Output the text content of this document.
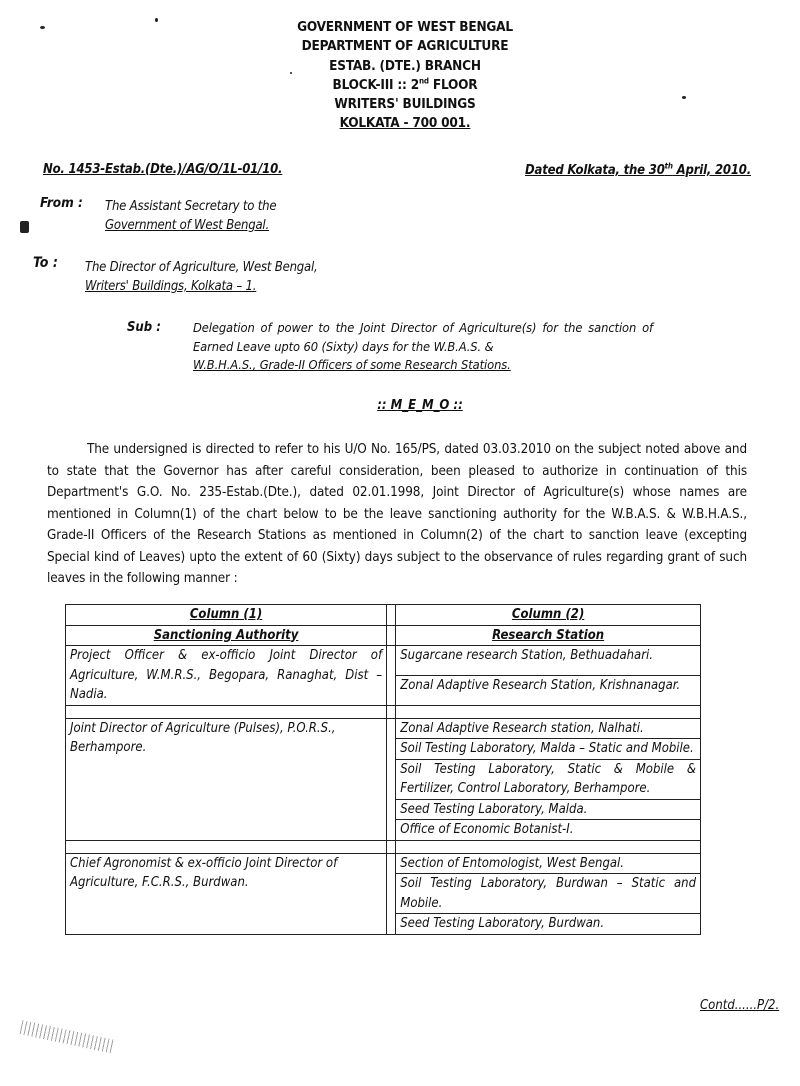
GOVERNMENT OF WEST BENGAL
DEPARTMENT OF AGRICULTURE
ESTAB. (DTE.) BRANCH
BLOCK-III :: 2nd FLOOR
WRITERS' BUILDINGS
KOLKATA - 700 001.
No. 1453-Estab.(Dte.)/AG/O/1L-01/10.	Dated Kolkata, the 30th April, 2010.
From : The Assistant Secretary to the
Government of West Bengal.
To : The Director of Agriculture, West Bengal,
Writers' Buildings, Kolkata – 1.
Sub :	Delegation of power to the Joint Director of Agriculture(s) for the sanction of Earned Leave upto 60 (Sixty) days for the W.B.A.S. &
W.B.H.A.S., Grade-II Officers of some Research Stations.
:: M_E_M_O ::
The undersigned is directed to refer to his U/O No. 165/PS, dated 03.03.2010 on the subject noted above and to state that the Governor has after careful consideration, been pleased to authorize in continuation of this Department's G.O. No. 235-Estab.(Dte.), dated 02.01.1998, Joint Director of Agriculture(s) whose names are mentioned in Column(1) of the chart below to be the leave sanctioning authority for the W.B.A.S. & W.B.H.A.S., Grade-II Officers of the Research Stations as mentioned in Column(2) of the chart to sanction leave (excepting Special kind of Leaves) upto the extent of 60 (Sixty) days subject to the observance of rules regarding grant of such leaves in the following manner :
Column (1)		Column (2)
Sanctioning Authority		Research Station
Project Officer & ex-officio Joint Director of Agriculture, W.M.R.S., Begopara, Ranaghat, Dist – Nadia.		Sugarcane research Station, Bethuadahari.
		Zonal Adaptive Research Station, Krishnanagar.

Joint Director of Agriculture (Pulses), P.O.R.S., Berhampore.		Zonal Adaptive Research station, Nalhati.
		Soil Testing Laboratory, Malda – Static and Mobile.
		Soil Testing Laboratory, Static & Mobile & Fertilizer, Control Laboratory, Berhampore.
		Seed Testing Laboratory, Malda.
		Office of Economic Botanist-I.

Chief Agronomist & ex-officio Joint Director of Agriculture, F.C.R.S., Burdwan.		Section of Entomologist, West Bengal.
		Soil Testing Laboratory, Burdwan – Static and Mobile.
		Seed Testing Laboratory, Burdwan.
Contd......P/2.
